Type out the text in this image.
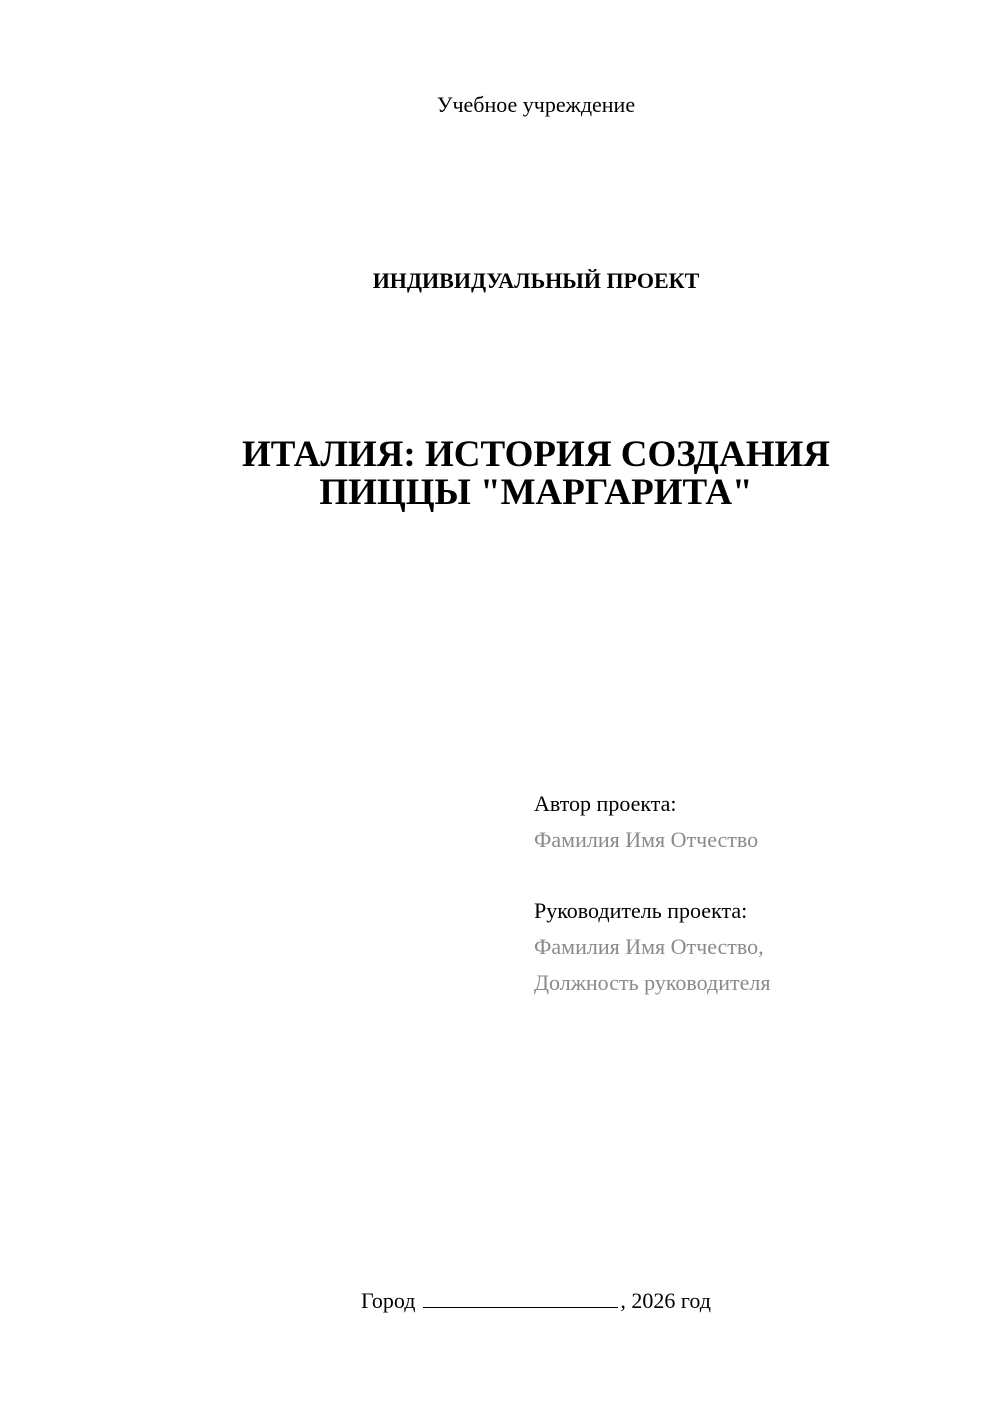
Учебное учреждение
ИНДИВИДУАЛЬНЫЙ ПРОЕКТ
ИТАЛИЯ: ИСТОРИЯ СОЗДАНИЯ
ПИЦЦЫ "МАРГАРИТА"
Автор проекта:
Фамилия Имя Отчество
Руководитель проекта:
Фамилия Имя Отчество,
Должность руководителя
Город	, 2026 год
